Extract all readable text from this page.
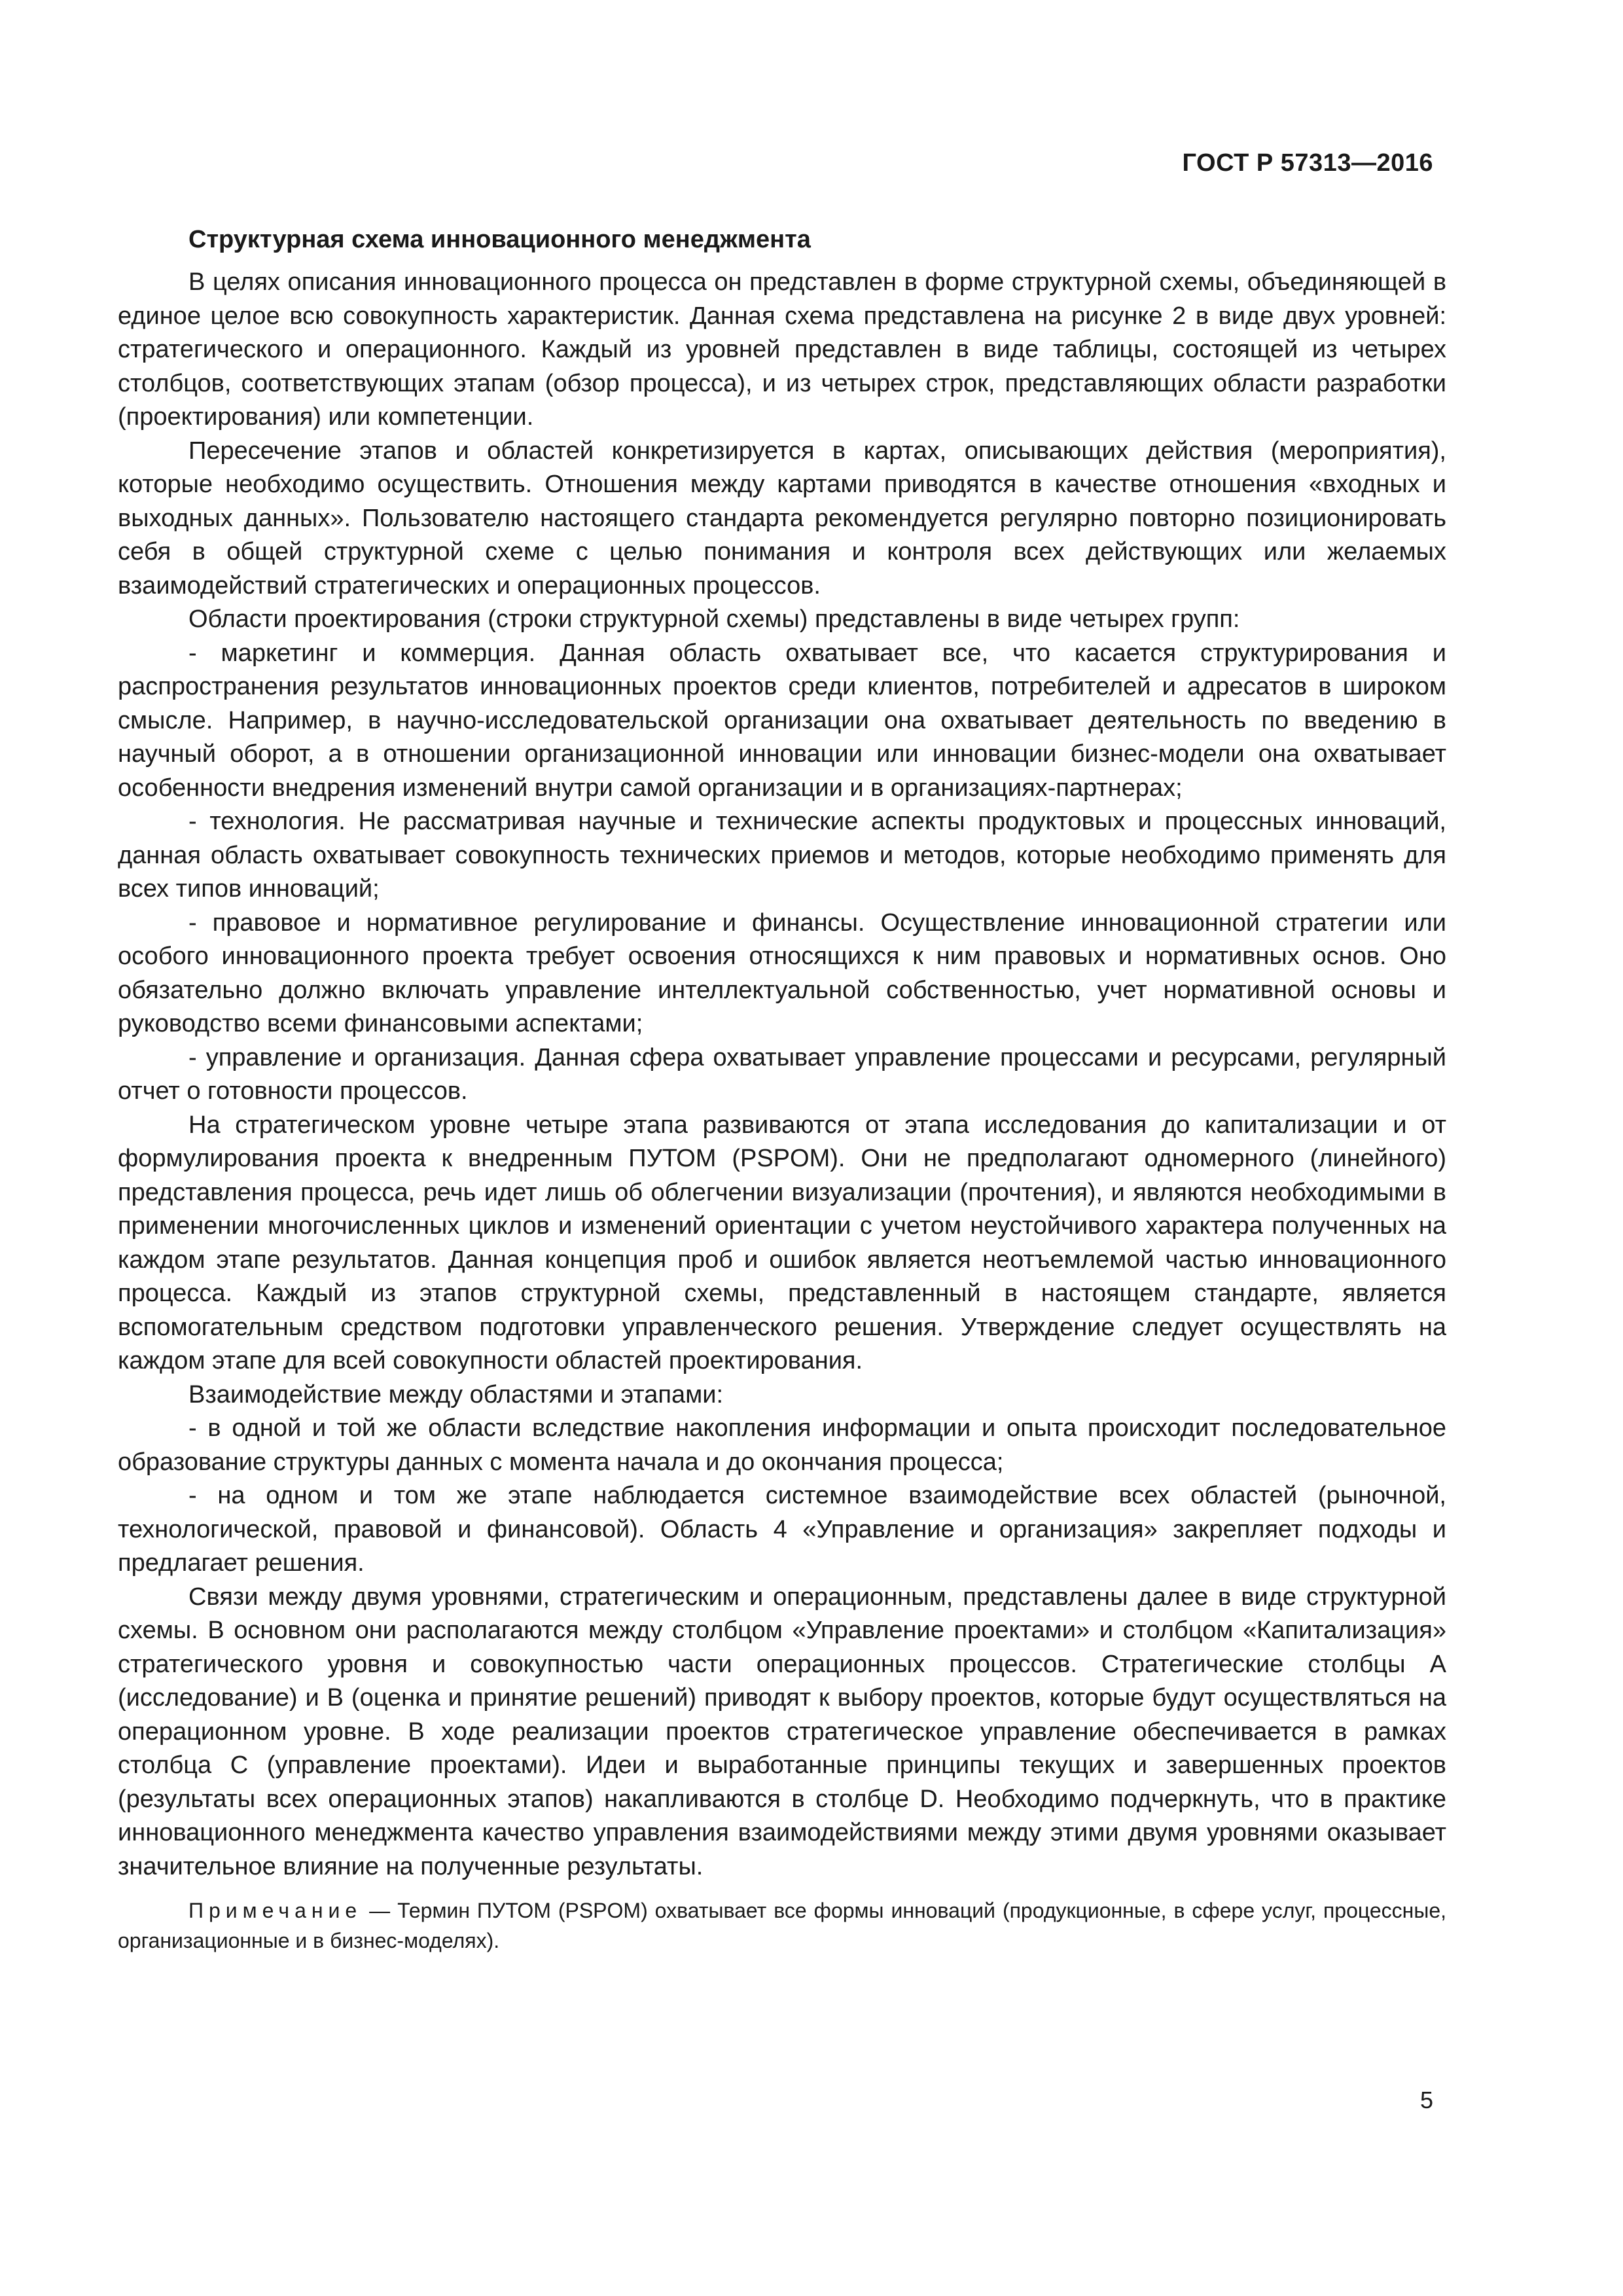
ГОСТ Р 57313—2016
Структурная схема инновационного менеджмента

В целях описания инновационного процесса он представлен в форме структурной схемы, объединяющей в единое целое всю совокупность характеристик. Данная схема представлена на рисунке 2 в виде двух уровней: стратегического и операционного. Каждый из уровней представлен в виде таблицы, состоящей из четырех столбцов, соответствующих этапам (обзор процесса), и из четырех строк, представляющих области разработки (проектирования) или компетенции.

Пересечение этапов и областей конкретизируется в картах, описывающих действия (мероприятия), которые необходимо осуществить. Отношения между картами приводятся в качестве отношения «входных и выходных данных». Пользователю настоящего стандарта рекомендуется регулярно повторно позиционировать себя в общей структурной схеме с целью понимания и контроля всех действующих или желаемых взаимодействий стратегических и операционных процессов.

Области проектирования (строки структурной схемы) представлены в виде четырех групп:

- маркетинг и коммерция. Данная область охватывает все, что касается структурирования и распространения результатов инновационных проектов среди клиентов, потребителей и адресатов в широком смысле. Например, в научно-исследовательской организации она охватывает деятельность по введению в научный оборот, а в отношении организационной инновации или инновации бизнес-модели она охватывает особенности внедрения изменений внутри самой организации и в организациях-партнерах;

- технология. Не рассматривая научные и технические аспекты продуктовых и процессных инноваций, данная область охватывает совокупность технических приемов и методов, которые необходимо применять для всех типов инноваций;

- правовое и нормативное регулирование и финансы. Осуществление инновационной стратегии или особого инновационного проекта требует освоения относящихся к ним правовых и нормативных основ. Оно обязательно должно включать управление интеллектуальной собственностью, учет нормативной основы и руководство всеми финансовыми аспектами;

- управление и организация. Данная сфера охватывает управление процессами и ресурсами, регулярный отчет о готовности процессов.

На стратегическом уровне четыре этапа развиваются от этапа исследования до капитализации и от формулирования проекта к внедренным ПУТОМ (PSPOM). Они не предполагают одномерного (линейного) представления процесса, речь идет лишь об облегчении визуализации (прочтения), и являются необходимыми в применении многочисленных циклов и изменений ориентации с учетом неустойчивого характера полученных на каждом этапе результатов. Данная концепция проб и ошибок является неотъемлемой частью инновационного процесса. Каждый из этапов структурной схемы, представленный в настоящем стандарте, является вспомогательным средством подготовки управленческого решения. Утверждение следует осуществлять на каждом этапе для всей совокупности областей проектирования.

Взаимодействие между областями и этапами:

- в одной и той же области вследствие накопления информации и опыта происходит последовательное образование структуры данных с момента начала и до окончания процесса;

- на одном и том же этапе наблюдается системное взаимодействие всех областей (рыночной, технологической, правовой и финансовой). Область 4 «Управление и организация» закрепляет подходы и предлагает решения.

Связи между двумя уровнями, стратегическим и операционным, представлены далее в виде структурной схемы. В основном они располагаются между столбцом «Управление проектами» и столбцом «Капитализация» стратегического уровня и совокупностью части операционных процессов. Стратегические столбцы А (исследование) и В (оценка и принятие решений) приводят к выбору проектов, которые будут осуществляться на операционном уровне. В ходе реализации проектов стратегическое управление обеспечивается в рамках столбца С (управление проектами). Идеи и выработанные принципы текущих и завершенных проектов (результаты всех операционных этапов) накапливаются в столбце D. Необходимо подчеркнуть, что в практике инновационного менеджмента качество управления взаимодействиями между этими двумя уровнями оказывает значительное влияние на полученные результаты.

Примечание — Термин ПУТОМ (PSPOM) охватывает все формы инноваций (продукционные, в сфере услуг, процессные, организационные и в бизнес-моделях).

5
